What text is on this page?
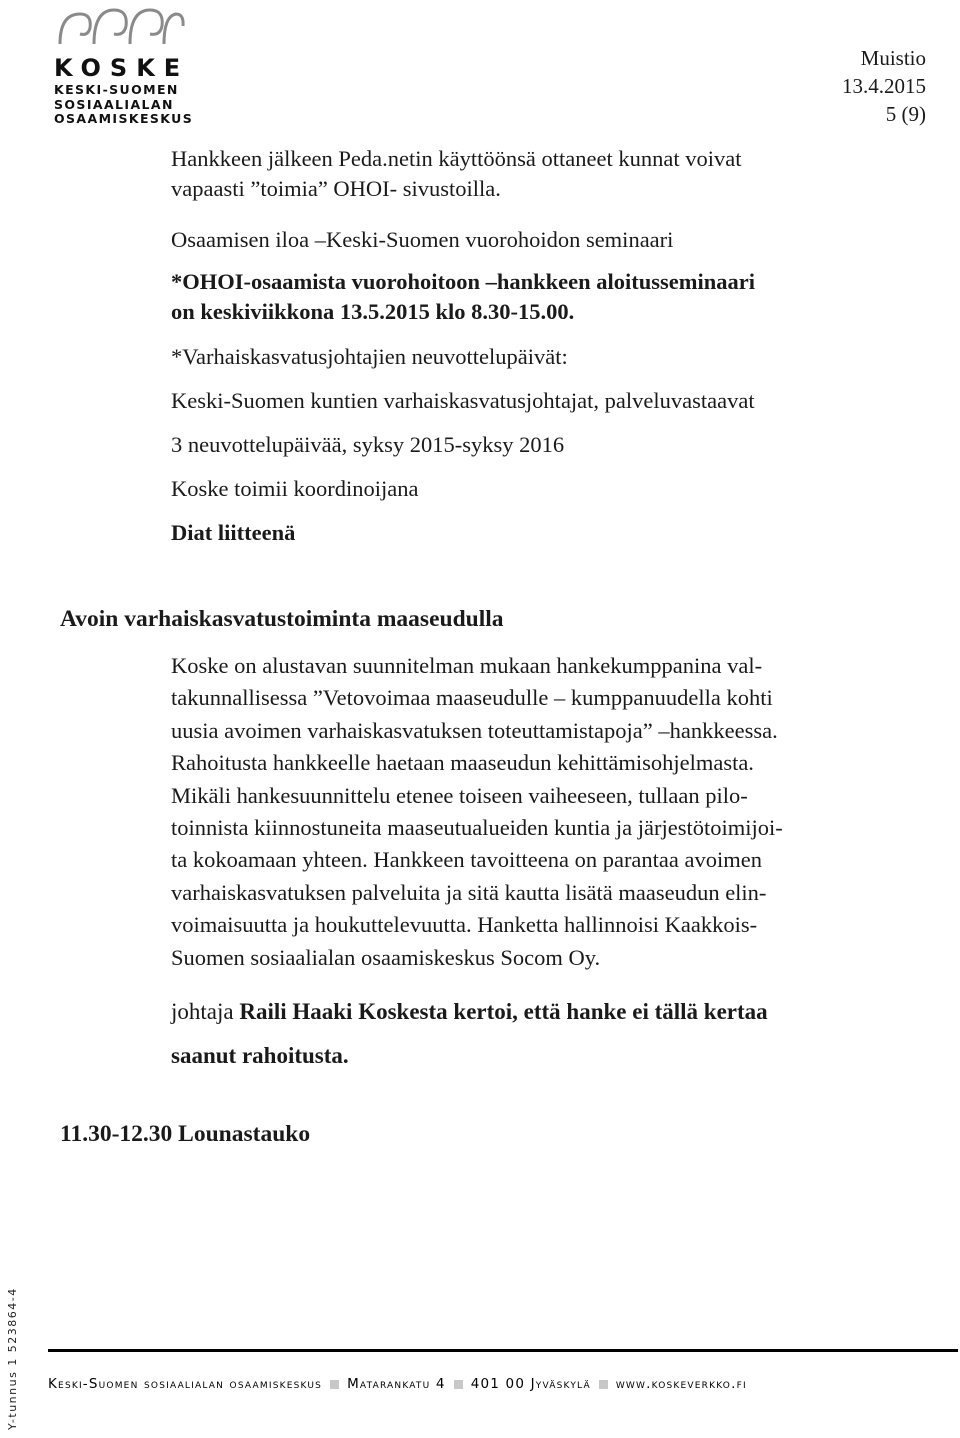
KOSKE
KESKI-SUOMEN
SOSIAALIALAN
OSAAMISKESKUS
Muistio
13.4.2015
5 (9)
Hankkeen jälkeen Peda.netin käyttöönsä ottaneet kunnat voivat
vapaasti ”toimia” OHOI- sivustoilla.
Osaamisen iloa –Keski-Suomen vuorohoidon seminaari
*OHOI-osaamista vuorohoitoon –hankkeen aloitusseminaari
on keskiviikkona 13.5.2015 klo 8.30-15.00.
*Varhaiskasvatusjohtajien neuvottelupäivät:
Keski-Suomen kuntien varhaiskasvatusjohtajat, palveluvastaavat
3 neuvottelupäivää, syksy 2015-syksy 2016
Koske toimii koordinoijana
Diat liitteenä
Avoin varhaiskasvatustoiminta maaseudulla
Koske on alustavan suunnitelman mukaan hankekumppanina val-
takunnallisessa ”Vetovoimaa maaseudulle – kumppanuudella kohti
uusia avoimen varhaiskasvatuksen toteuttamistapoja” –hankkeessa.
Rahoitusta hankkeelle haetaan maaseudun kehittämisohjelmasta.
Mikäli hankesuunnittelu etenee toiseen vaiheeseen, tullaan pilo-
toinnista kiinnostuneita maaseutualueiden kuntia ja järjestötoimijoi-
ta kokoamaan yhteen. Hankkeen tavoitteena on parantaa avoimen
varhaiskasvatuksen palveluita ja sitä kautta lisätä maaseudun elin-
voimaisuutta ja houkuttelevuutta. Hanketta hallinnoisi Kaakkois-
Suomen sosiaalialan osaamiskeskus Socom Oy.
johtaja Raili Haaki Koskesta kertoi, että hanke ei tällä kertaa
saanut rahoitusta.
11.30-12.30 Lounastauko
Y-tunnus 1 523864-4 Keski-Suomen sosiaalialan osaamiskeskus Matarankatu 4 401 00 Jyväskylä www.koskeverkko.fi
